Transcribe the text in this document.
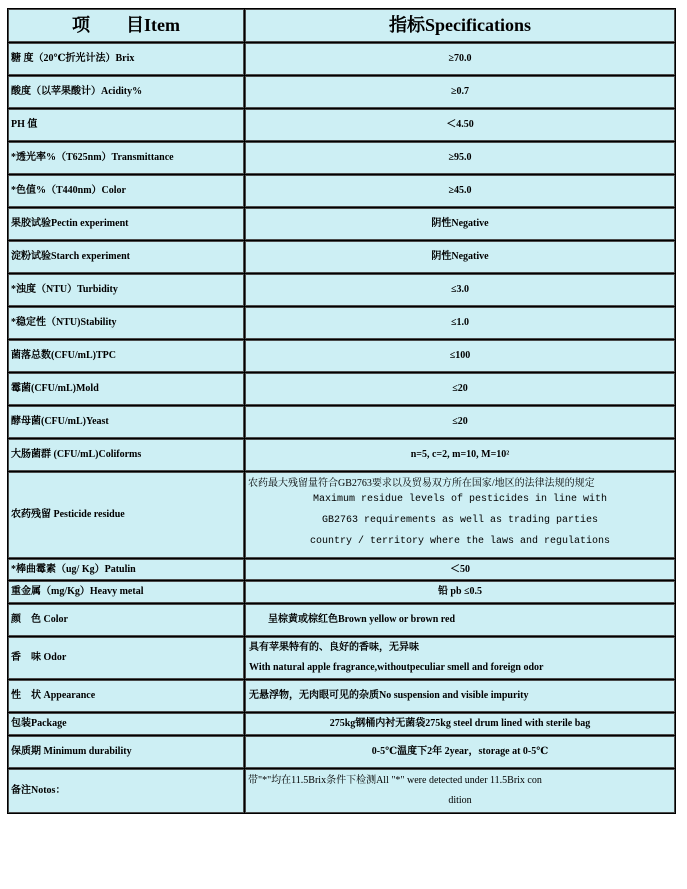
项　　目Item	指标Specifications
糖 度（20℃折光计法）Brix	≥70.0
酸度（以苹果酸计）Acidity%	≥0.7
PH 值	＜4.50
*透光率%（T625nm）Transmittance	≥95.0
*色值%（T440nm）Color	≥45.0
果胶试验Pectin experiment	阴性Negative
淀粉试验Starch experiment	阴性Negative
*浊度（NTU）Turbidity	≤3.0
*稳定性（NTU)Stability	≤1.0
菌落总数(CFU/mL)TPC	≤100
霉菌(CFU/mL)Mold	≤20
酵母菌(CFU/mL)Yeast	≤20
大肠菌群 (CFU/mL)Coliforms	n=5, c=2, m=10, M=10²
农药残留 Pesticide residue	农药最大残留量符合GB2763要求以及贸易双方所在国家/地区的法律法规的规定
Maximum residue levels of pesticides in line with
GB2763 requirements as well as trading parties
country / territory where the laws and regulations

*棒曲霉素（ug/ Kg）Patulin	＜50
重金属（mg/Kg）Heavy metal	铅 pb ≤0.5
颜　色 Color	呈棕黄或棕红色Brown yellow or brown red
香　味 Odor	具有苹果特有的、良好的香味，无异味
With natural apple fragrance,withoutpeculiar smell and foreign odor

性　状 Appearance	无悬浮物，无肉眼可见的杂质No suspension and visible impurity
包装Package	275kg钢桶内衬无菌袋275kg steel drum lined with sterile bag
保质期 Minimum durability	0-5℃温度下2年 2year，storage at 0-5℃
备注Notos：	带"*"均在11.5Brix条件下检测All "*" were detected under 11.5Brix con
dition
